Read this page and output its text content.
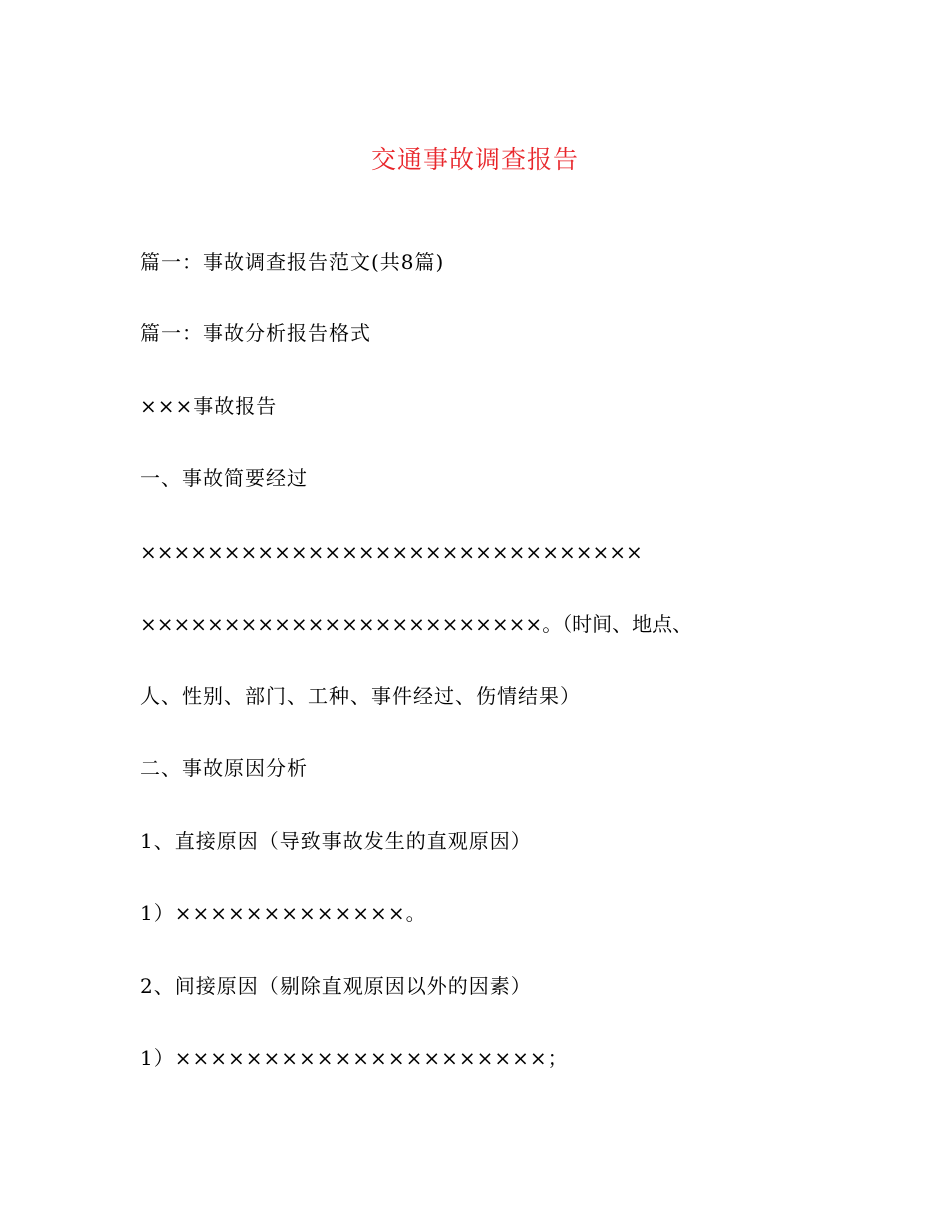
交通事故调查报告
篇一：事故调查报告范文(共8篇)
篇一：事故分析报告格式
×××事故报告
一、事故简要经过
××××××××××××××××××××××××××××××
××××××××××××××××××××××××。（时间、地点、
人、性别、部门、工种、事件经过、伤情结果）
二、事故原因分析
1、直接原因（导致事故发生的直观原因）
1）×××××××××××××。
2、间接原因（剔除直观原因以外的因素）
1）×××××××××××××××××××××；
